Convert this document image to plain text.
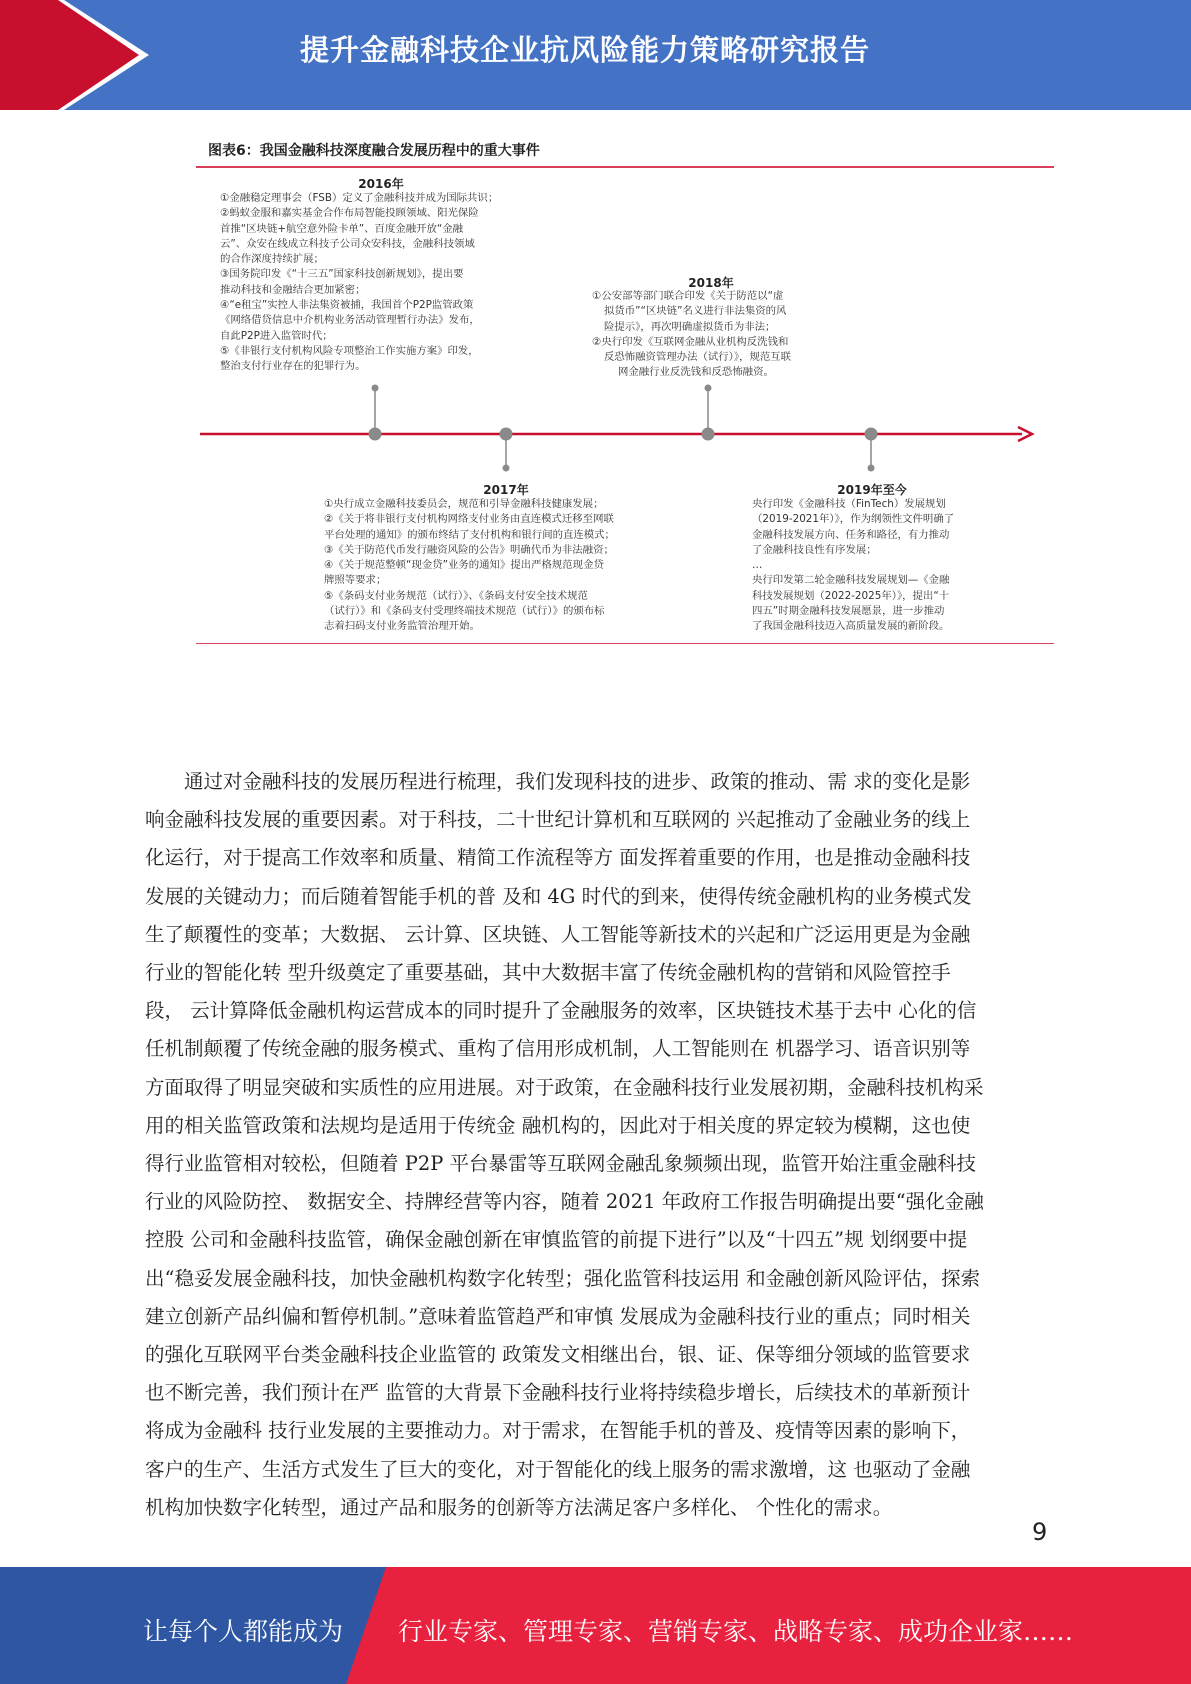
提升金融科技企业抗风险能力策略研究报告
图表6：我国金融科技深度融合发展历程中的重大事件
2016年
①金融稳定理事会（FSB）定义了金融科技并成为国际共识；
②蚂蚁金服和嘉实基金合作布局智能投顾领域、阳光保险
首推“区块链+航空意外险卡单”、百度金融开放“金融
云”、众安在线成立科技子公司众安科技，金融科技领域
的合作深度持续扩展；
③国务院印发《“十三五”国家科技创新规划》，提出要
推动科技和金融结合更加紧密；
④“e租宝”实控人非法集资被捕，我国首个P2P监管政策
《网络借贷信息中介机构业务活动管理暂行办法》发布，
自此P2P进入监管时代；
⑤《非银行支付机构风险专项整治工作实施方案》印发，
整治支付行业存在的犯罪行为。
2018年
①公安部等部门联合印发《关于防范以“虚
拟货币”“区块链”名义进行非法集资的风
险提示》，再次明确虚拟货币为非法；
②央行印发《互联网金融从业机构反洗钱和
反恐怖融资管理办法（试行）》，规范互联
网金融行业反洗钱和反恐怖融资。
2017年
①央行成立金融科技委员会，规范和引导金融科技健康发展；
②《关于将非银行支付机构网络支付业务由直连模式迁移至网联
平台处理的通知》的颁布终结了支付机构和银行间的直连模式；
③《关于防范代币发行融资风险的公告》明确代币为非法融资；
④《关于规范整顿“现金贷”业务的通知》提出严格规范现金贷
牌照等要求；
⑤《条码支付业务规范（试行）》、《条码支付安全技术规范
（试行）》和《条码支付受理终端技术规范（试行）》的颁布标
志着扫码支付业务监管治理开始。
2019年至今
央行印发《金融科技（FinTech）发展规划
（2019-2021年）》，作为纲领性文件明确了
金融科技发展方向、任务和路径，有力推动
了金融科技良性有序发展；
…
央行印发第二轮金融科技发展规划—《金融
科技发展规划（2022-2025年）》，提出“十
四五”时期金融科技发展愿景，进一步推动
了我国金融科技迈入高质量发展的新阶段。
　　通过对金融科技的发展历程进行梳理，我们发现科技的进步、政策的推动、需 求的变化是影
响金融科技发展的重要因素。对于科技，二十世纪计算机和互联网的 兴起推动了金融业务的线上
化运行，对于提高工作效率和质量、精简工作流程等方 面发挥着重要的作用，也是推动金融科技
发展的关键动力；而后随着智能手机的普 及和 4G 时代的到来，使得传统金融机构的业务模式发
生了颠覆性的变革；大数据、 云计算、区块链、人工智能等新技术的兴起和广泛运用更是为金融
行业的智能化转 型升级奠定了重要基础，其中大数据丰富了传统金融机构的营销和风险管控手
段， 云计算降低金融机构运营成本的同时提升了金融服务的效率，区块链技术基于去中 心化的信
任机制颠覆了传统金融的服务模式、重构了信用形成机制，人工智能则在 机器学习、语音识别等
方面取得了明显突破和实质性的应用进展。对于政策，在金融科技行业发展初期，金融科技机构采
用的相关监管政策和法规均是适用于传统金 融机构的，因此对于相关度的界定较为模糊，这也使
得行业监管相对较松，但随着 P2P 平台暴雷等互联网金融乱象频频出现，监管开始注重金融科技
行业的风险防控、 数据安全、持牌经营等内容，随着 2021 年政府工作报告明确提出要“强化金融
控股 公司和金融科技监管，确保金融创新在审慎监管的前提下进行”以及“十四五”规 划纲要中提
出“稳妥发展金融科技，加快金融机构数字化转型；强化监管科技运用 和金融创新风险评估，探索
建立创新产品纠偏和暂停机制。”意味着监管趋严和审慎 发展成为金融科技行业的重点；同时相关
的强化互联网平台类金融科技企业监管的 政策发文相继出台，银、证、保等细分领域的监管要求
也不断完善，我们预计在严 监管的大背景下金融科技行业将持续稳步增长，后续技术的革新预计
将成为金融科 技行业发展的主要推动力。对于需求，在智能手机的普及、疫情等因素的影响下，
客户的生产、生活方式发生了巨大的变化，对于智能化的线上服务的需求激增，这 也驱动了金融
机构加快数字化转型，通过产品和服务的创新等方法满足客户多样化、 个性化的需求。
9
让每个人都能成为 行业专家、管理专家、营销专家、战略专家、成功企业家……
